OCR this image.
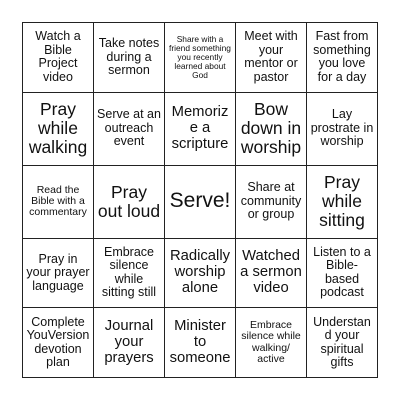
Watch a Bible Project video	Take notes during a sermon	Share with a friend something you recently learned about God	Meet with your mentor or pastor	Fast from something you love for a day
Pray while walking	Serve at an outreach event	Memorize a scripture	Bow down in worship	Lay prostrate in worship
Read the Bible with a commentary	Pray out loud	Serve!	Share at community or group	Pray while sitting
Pray in your prayer language	Embrace silence while sitting still	Radically worship alone	Watched a sermon video	Listen to a Bible-based podcast
Complete YouVersion devotion plan	Journal your prayers	Minister to someone	Embrace silence while walking/ active	Understand your spiritual gifts
